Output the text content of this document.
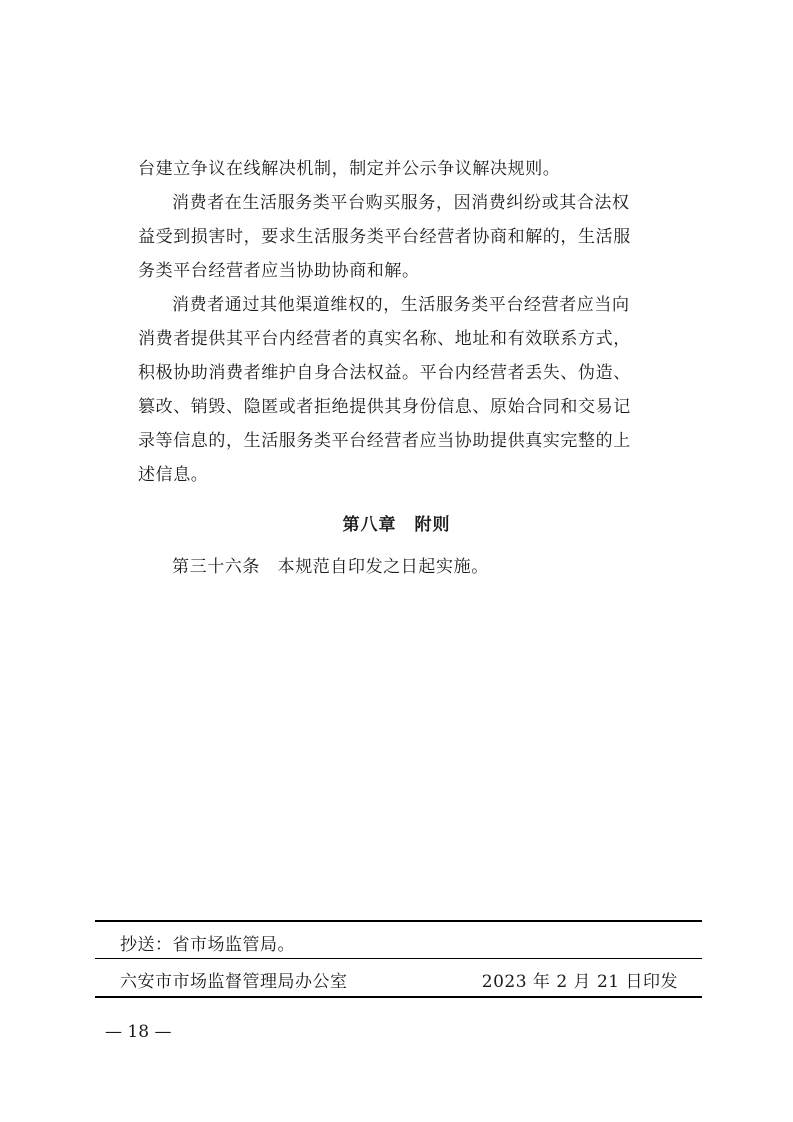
台建立争议在线解决机制，制定并公示争议解决规则。
消费者在生活服务类平台购买服务，因消费纠纷或其合法权
益受到损害时，要求生活服务类平台经营者协商和解的，生活服
务类平台经营者应当协助协商和解。
消费者通过其他渠道维权的，生活服务类平台经营者应当向
消费者提供其平台内经营者的真实名称、地址和有效联系方式，
积极协助消费者维护自身合法权益。平台内经营者丢失、伪造、
篡改、销毁、隐匿或者拒绝提供其身份信息、原始合同和交易记
录等信息的，生活服务类平台经营者应当协助提供真实完整的上
述信息。
第八章　附则
第三十六条　本规范自印发之日起实施。
抄送：省市场监管局。
六安市市场监督管理局办公室	2023 年 2 月 21 日印发
— 18 —
